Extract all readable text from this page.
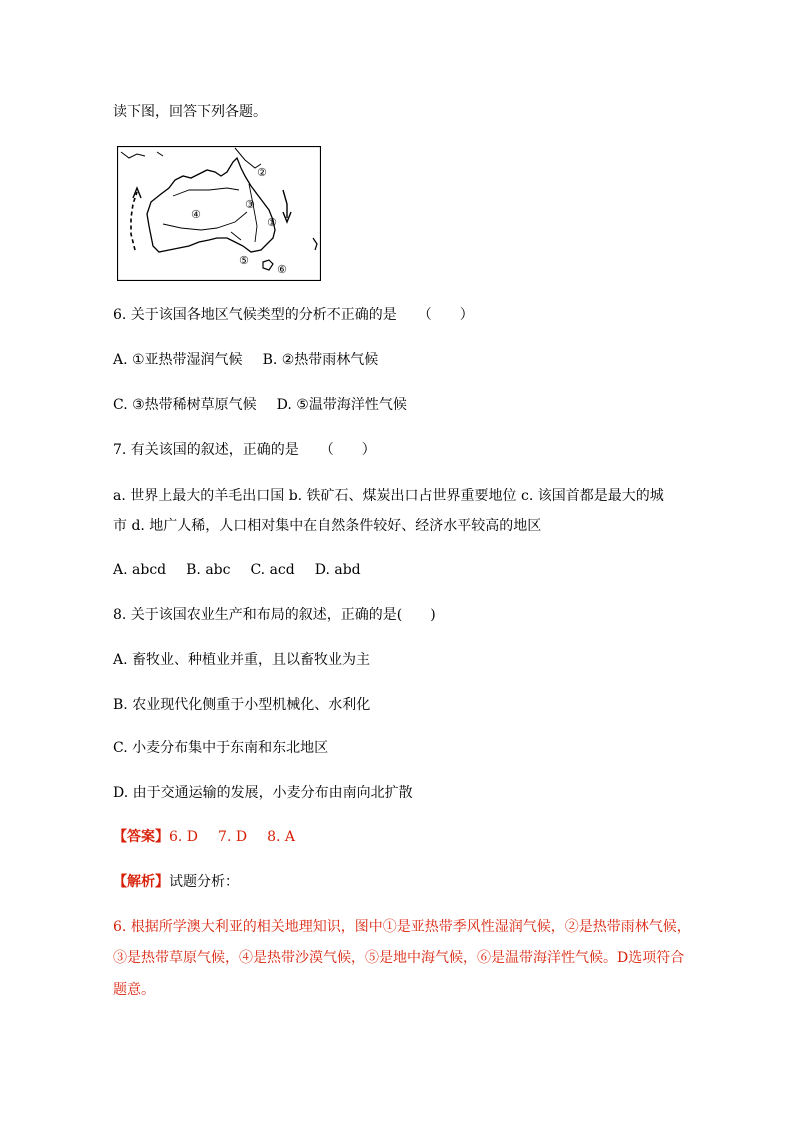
读下图，回答下列各题。
②
③
④
①
⑤
⑥
6. 关于该国各地区气候类型的分析不正确的是　　（　　）
A. ①亚热带湿润气候 B. ②热带雨林气候
C. ③热带稀树草原气候 D. ⑤温带海洋性气候
7. 有关该国的叙述，正确的是　　（　　）
a. 世界上最大的羊毛出口国 b. 铁矿石、煤炭出口占世界重要地位 c. 该国首都是最大的城
市 d. 地广人稀，人口相对集中在自然条件较好、经济水平较高的地区
A. abcd B. abc C. acd D. abd
8. 关于该国农业生产和布局的叙述，正确的是(　　)
A. 畜牧业、种植业并重，且以畜牧业为主
B. 农业现代化侧重于小型机械化、水利化
C. 小麦分布集中于东南和东北地区
D. 由于交通运输的发展，小麦分布由南向北扩散
【答案】6. D 7. D 8. A
【解析】试题分析：
6. 根据所学澳大利亚的相关地理知识，图中①是亚热带季风性湿润气候，②是热带雨林气候，
③是热带草原气候，④是热带沙漠气候，⑤是地中海气候，⑥是温带海洋性气候。D选项符合
题意。
